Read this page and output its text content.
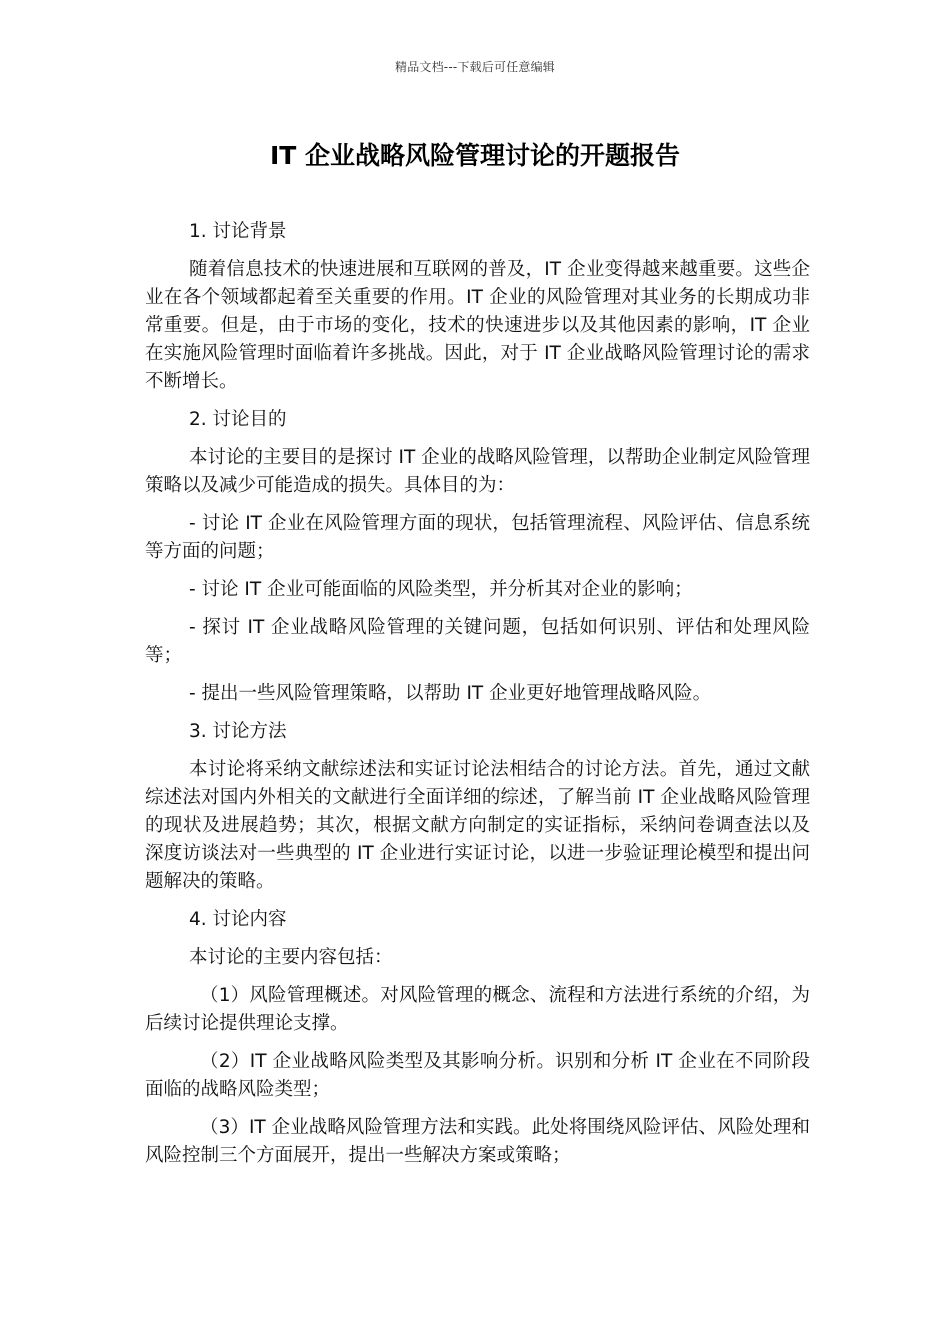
精品文档---下载后可任意编辑
IT 企业战略风险管理讨论的开题报告

1. 讨论背景

随着信息技术的快速进展和互联网的普及，IT 企业变得越来越重要。这些企业在各个领域都起着至关重要的作用。IT 企业的风险管理对其业务的长期成功非常重要。但是，由于市场的变化，技术的快速进步以及其他因素的影响，IT 企业在实施风险管理时面临着许多挑战。因此，对于 IT 企业战略风险管理讨论的需求不断增长。

2. 讨论目的

本讨论的主要目的是探讨 IT 企业的战略风险管理，以帮助企业制定风险管理策略以及减少可能造成的损失。具体目的为：

- 讨论 IT 企业在风险管理方面的现状，包括管理流程、风险评估、信息系统等方面的问题；

- 讨论 IT 企业可能面临的风险类型，并分析其对企业的影响；

- 探讨 IT 企业战略风险管理的关键问题，包括如何识别、评估和处理风险等；

- 提出一些风险管理策略，以帮助 IT 企业更好地管理战略风险。

3. 讨论方法

本讨论将采纳文献综述法和实证讨论法相结合的讨论方法。首先，通过文献综述法对国内外相关的文献进行全面详细的综述，了解当前 IT 企业战略风险管理的现状及进展趋势；其次，根据文献方向制定的实证指标，采纳问卷调查法以及深度访谈法对一些典型的 IT 企业进行实证讨论，以进一步验证理论模型和提出问题解决的策略。

4. 讨论内容

本讨论的主要内容包括：

（1）风险管理概述。对风险管理的概念、流程和方法进行系统的介绍，为后续讨论提供理论支撑。

（2）IT 企业战略风险类型及其影响分析。识别和分析 IT 企业在不同阶段面临的战略风险类型；

（3）IT 企业战略风险管理方法和实践。此处将围绕风险评估、风险处理和风险控制三个方面展开，提出一些解决方案或策略；
